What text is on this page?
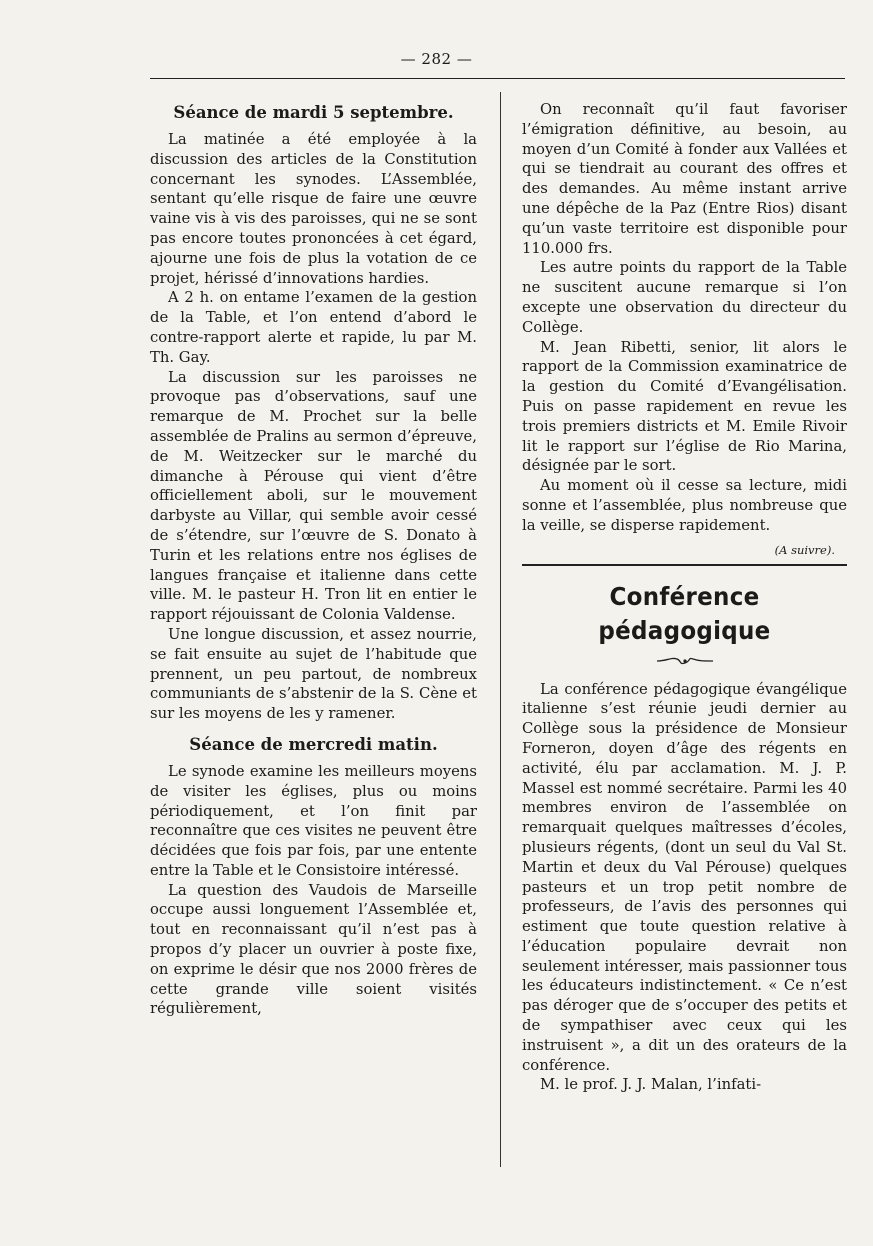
— 282 —
Séance de mardi 5 septembre.

La matinée a été employée à la discussion des articles de la Constitution concernant les synodes. L’Assemblée, sentant qu’elle risque de faire une œuvre vaine vis à vis des paroisses, qui ne se sont pas encore toutes prononcées à cet égard, ajourne une fois de plus la votation de ce projet, hérissé d’innovations hardies.

A 2 h. on entame l’examen de la gestion de la Table, et l’on entend d’abord le contre-rapport alerte et rapide, lu par M. Th. Gay.

La discussion sur les paroisses ne provoque pas d’observations, sauf une remarque de M. Prochet sur la belle assemblée de Pralins au sermon d’épreuve, de M. Weitzecker sur le marché du dimanche à Pérouse qui vient d’être officiellement aboli, sur le mouvement darbyste au Villar, qui semble avoir cessé de s’étendre, sur l’œuvre de S. Donato à Turin et les relations entre nos églises de langues française et italienne dans cette ville. M. le pasteur H. Tron lit en entier le rapport réjouissant de Colonia Valdense.

Une longue discussion, et assez nourrie, se fait ensuite au sujet de l’habitude que prennent, un peu partout, de nombreux communiants de s’abstenir de la S. Cène et sur les moyens de les y ramener.

Séance de mercredi matin.

Le synode examine les meilleurs moyens de visiter les églises, plus ou moins périodiquement, et l’on finit par reconnaître que ces visites ne peuvent être décidées que fois par fois, par une entente entre la Table et le Consistoire intéressé.

La question des Vaudois de Marseille occupe aussi longuement l’Assemblée et, tout en reconnaissant qu’il n’est pas à propos d’y placer un ouvrier à poste fixe, on exprime le désir que nos 2000 frères de cette grande ville soient visités régulièrement,

On reconnaît qu’il faut favoriser l’émigration définitive, au besoin, au moyen d’un Comité à fonder aux Vallées et qui se tiendrait au courant des offres et des demandes. Au même instant arrive une dépêche de la Paz (Entre Rios) disant qu’un vaste territoire est disponible pour 110.000 frs.

Les autre points du rapport de la Table ne suscitent aucune remarque si l’on excepte une observation du directeur du Collège.

M. Jean Ribetti, senior, lit alors le rapport de la Commission examinatrice de la gestion du Comité d’Evangélisation. Puis on passe rapidement en revue les trois premiers districts et M. Emile Rivoir lit le rapport sur l’église de Rio Marina, désignée par le sort.

Au moment où il cesse sa lecture, midi sonne et l’assemblée, plus nombreuse que la veille, se disperse rapidement.

(A suivre).
Conférence pédagogique

La conférence pédagogique évangélique italienne s’est réunie jeudi dernier au Collège sous la présidence de Monsieur Forneron, doyen d’âge des régents en activité, élu par acclamation. M. J. P. Massel est nommé secrétaire. Parmi les 40 membres environ de l’assemblée on remarquait quelques maîtresses d’écoles, plusieurs régents, (dont un seul du Val St. Martin et deux du Val Pérouse) quelques pasteurs et un trop petit nombre de professeurs, de l’avis des personnes qui estiment que toute question relative à l’éducation populaire devrait non seulement intéresser, mais passionner tous les éducateurs indistinctement. « Ce n’est pas déroger que de s’occuper des petits et de sympathiser avec ceux qui les instruisent », a dit un des orateurs de la conférence.

M. le prof. J. J. Malan, l’infati-
